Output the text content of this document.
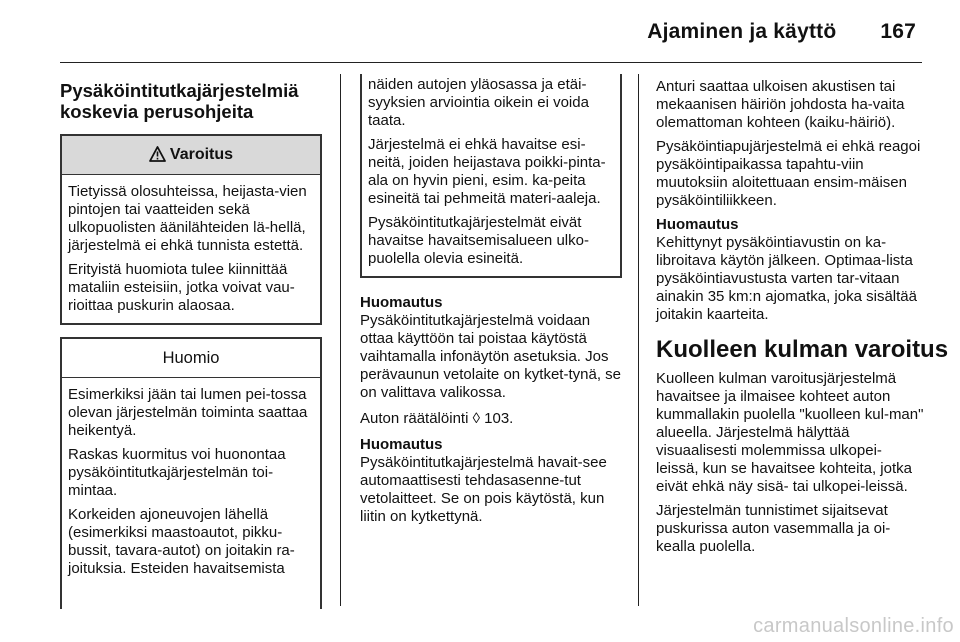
Ajaminen ja käyttö 167
Pysäköintitutkajärjestelmiä koskevia perusohjeita
Varoitus

Tietyissä olosuhteissa, heijasta-vien pintojen tai vaatteiden sekä ulkopuolisten äänilähteiden lä-hellä, järjestelmä ei ehkä tunnista estettä.

Erityistä huomiota tulee kiinnittää mataliin esteisiin, jotka voivat vau-rioittaa puskurin alaosaa.

Huomio

Esimerkiksi jään tai lumen pei-tossa olevan järjestelmän toiminta saattaa heikentyä.

Raskas kuormitus voi huonontaa pysäköintitutkajärjestelmän toi-mintaa.

Korkeiden ajoneuvojen lähellä (esimerkiksi maastoautot, pikku-bussit, tavara-autot) on joitakin ra-joituksia. Esteiden havaitsemista

näiden autojen yläosassa ja etäi-syyksien arviointia oikein ei voida taata.

Järjestelmä ei ehkä havaitse esi-neitä, joiden heijastava poikki-pinta-ala on hyvin pieni, esim. ka-peita esineitä tai pehmeitä materi-aaleja.

Pysäköintitutkajärjestelmät eivät havaitse havaitsemisalueen ulko-puolella olevia esineitä.

Huomautus
Pysäköintitutkajärjestelmä voidaan ottaa käyttöön tai poistaa käytöstä vaihtamalla infonäytön asetuksia. Jos perävaunun vetolaite on kytket-tynä, se on valittava valikossa.

Auton räätälöinti ◊ 103.

Huomautus
Pysäköintitutkajärjestelmä havait-see automaattisesti tehdasasenne-tut vetolaitteet. Se on pois käytöstä, kun liitin on kytkettynä.

Anturi saattaa ulkoisen akustisen tai mekaanisen häiriön johdosta ha-vaita olemattoman kohteen (kaiku-häiriö).

Pysäköintiapujärjestelmä ei ehkä reagoi pysäköintipaikassa tapahtu-viin muutoksiin aloitettuaan ensim-mäisen pysäköintiliikkeen.

Huomautus
Kehittynyt pysäköintiavustin on ka-libroitava käytön jälkeen. Optimaa-lista pysäköintiavustusta varten tar-vitaan ainakin 35 km:n ajomatka, joka sisältää joitakin kaarteita.

Kuolleen kulman varoitus

Kuolleen kulman varoitusjärjestelmä havaitsee ja ilmaisee kohteet auton kummallakin puolella "kuolleen kul-man" alueella. Järjestelmä hälyttää visuaalisesti molemmissa ulkopei-leissä, kun se havaitsee kohteita, jotka eivät ehkä näy sisä- tai ulkopei-leissä.

Järjestelmän tunnistimet sijaitsevat puskurissa auton vasemmalla ja oi-kealla puolella.

carmanualsonline.info
